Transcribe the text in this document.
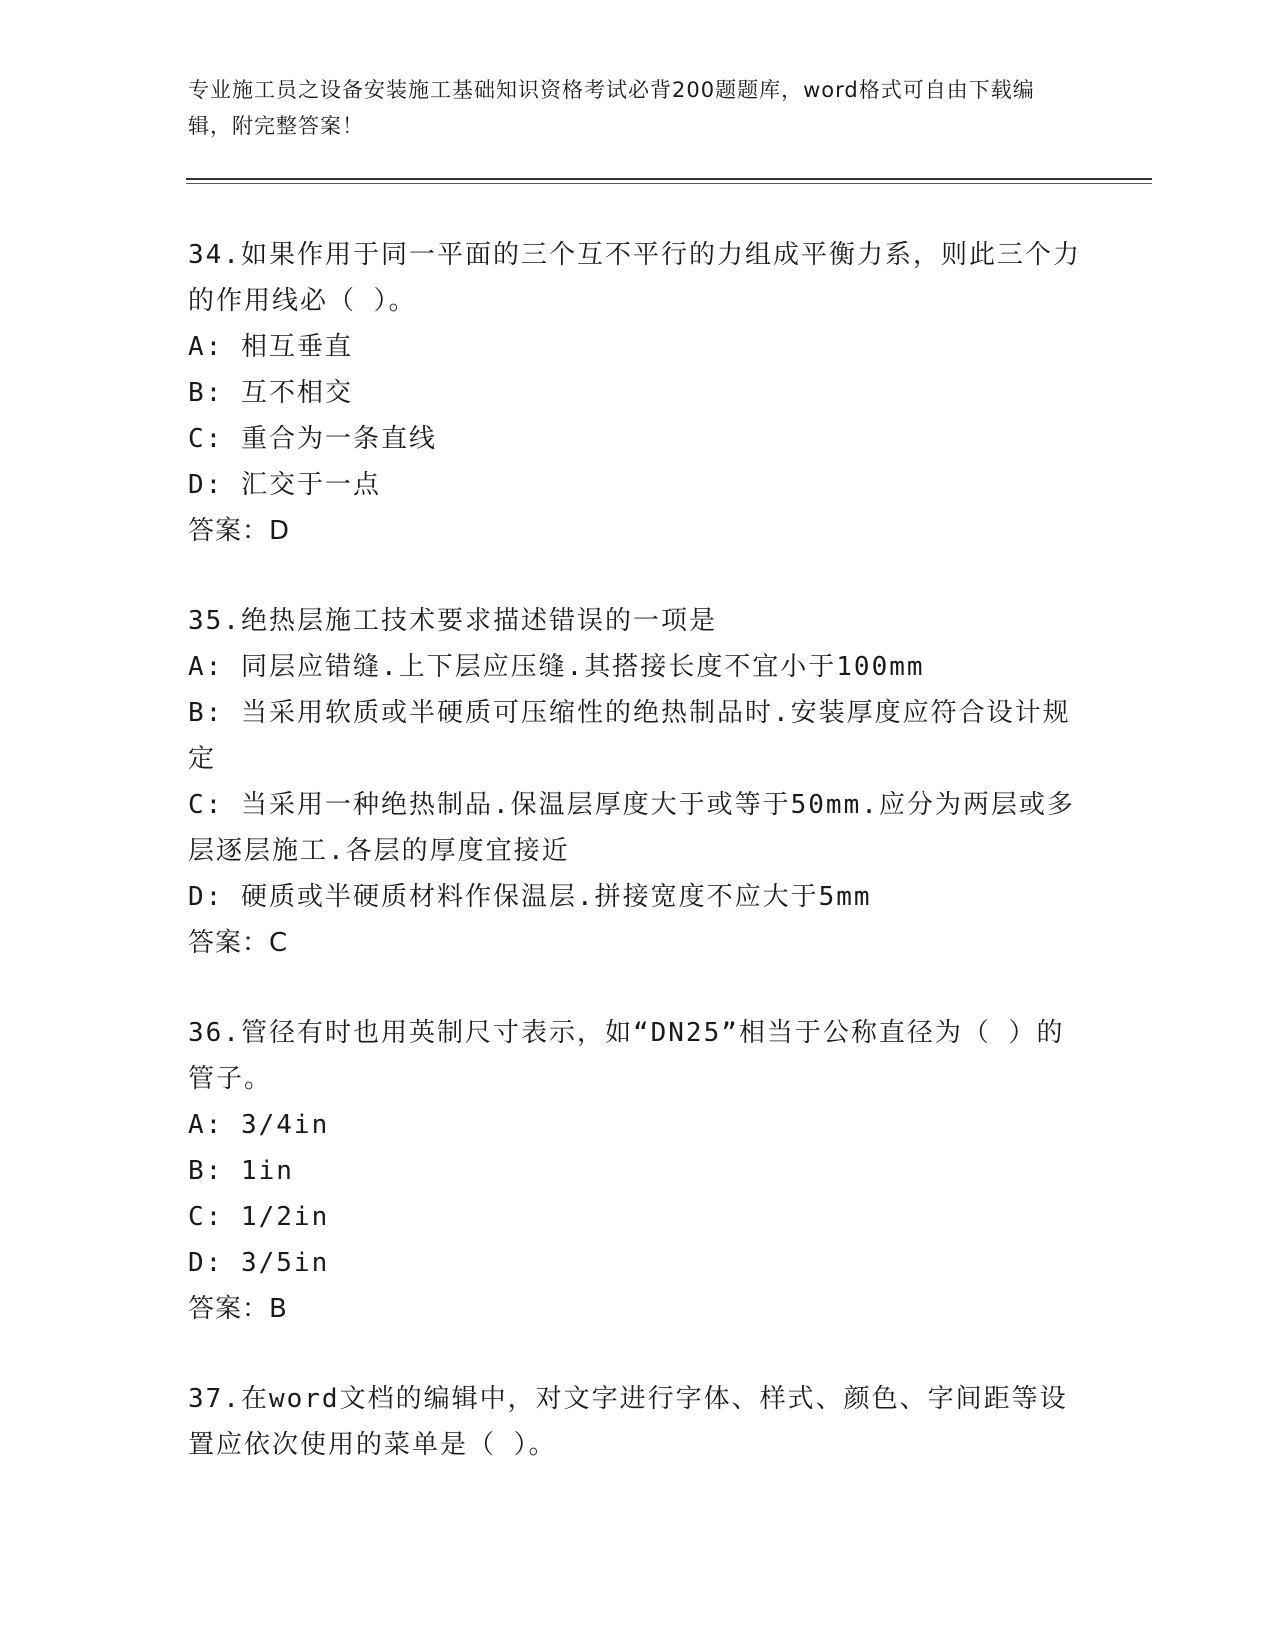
专业施工员之设备安装施工基础知识资格考试必背200题题库，word格式可自由下载编辑，附完整答案！

34.如果作用于同一平面的三个互不平行的力组成平衡力系，则此三个力的作用线必（ ）。

A: 相互垂直

B: 互不相交

C: 重合为一条直线

D: 汇交于一点

答案：D

35.绝热层施工技术要求描述错误的一项是

A: 同层应错缝.上下层应压缝.其搭接长度不宜小于100mm

B: 当采用软质或半硬质可压缩性的绝热制品时.安装厚度应符合设计规定

C: 当采用一种绝热制品.保温层厚度大于或等于50mm.应分为两层或多层逐层施工.各层的厚度宜接近

D: 硬质或半硬质材料作保温层.拼接宽度不应大于5mm

答案：C

36.管径有时也用英制尺寸表示，如“DN25”相当于公称直径为（ ）的管子。

A: 3/4in

B: 1in

C: 1/2in

D: 3/5in

答案：B

37.在word文档的编辑中，对文字进行字体、样式、颜色、字间距等设置应依次使用的菜单是（ ）。
